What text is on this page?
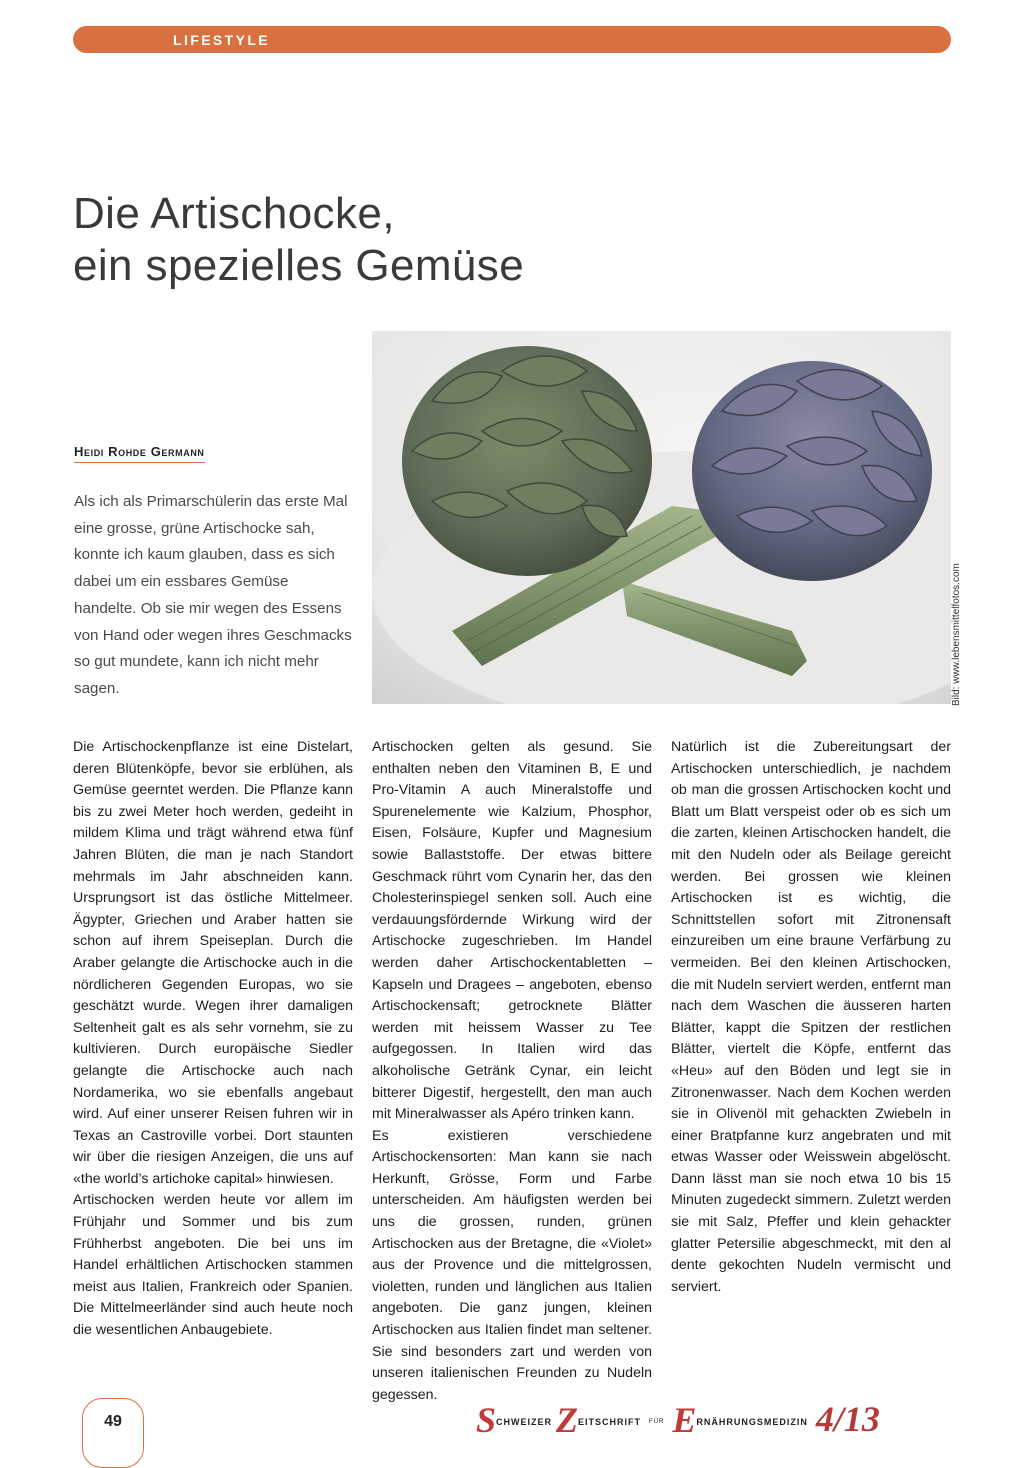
LIFESTYLE
Die Artischocke,
ein spezielles Gemüse
Bild: www.lebensmittelfotos.com
Heidi Rohde Germann
Als ich als Primarschülerin das erste Mal eine grosse, grüne Artischocke sah, konnte ich kaum glauben, dass es sich dabei um ein essbares Gemüse handelte. Ob sie mir wegen des Essens von Hand oder wegen ihres Geschmacks so gut mundete, kann ich nicht mehr sagen.

Die Artischockenpflanze ist eine Distelart, deren Blütenköpfe, bevor sie erblühen, als Gemüse geerntet werden. Die Pflanze kann bis zu zwei Meter hoch werden, gedeiht in mildem Klima und trägt während etwa fünf Jahren Blüten, die man je nach Standort mehrmals im Jahr abschneiden kann. Ursprungsort ist das östliche Mittelmeer. Ägypter, Griechen und Araber hatten sie schon auf ihrem Speiseplan. Durch die Araber gelangte die Artischocke auch in die nördlicheren Gegenden Europas, wo sie geschätzt wurde. Wegen ihrer damaligen Seltenheit galt es als sehr vornehm, sie zu kultivieren. Durch europäische Siedler gelangte die Artischocke auch nach Nordamerika, wo sie ebenfalls angebaut wird. Auf einer unserer Reisen fuhren wir in Texas an Castroville vorbei. Dort staunten wir über die riesigen Anzeigen, die uns auf «the world’s artichoke capital» hinwiesen.

Artischocken werden heute vor allem im Frühjahr und Sommer und bis zum Frühherbst angeboten. Die bei uns im Handel erhältlichen Artischocken stammen meist aus Italien, Frankreich oder Spanien. Die Mittelmeerländer sind auch heute noch die wesentlichen Anbaugebiete.

Artischocken gelten als gesund. Sie enthalten neben den Vitaminen B, E und Pro-Vitamin A auch Mineralstoffe und Spurenelemente wie Kalzium, Phosphor, Eisen, Folsäure, Kupfer und Magnesium sowie Ballaststoffe. Der etwas bittere Geschmack rührt vom Cynarin her, das den Cholesterinspiegel senken soll. Auch eine verdauungsfördernde Wirkung wird der Artischocke zugeschrieben. Im Handel werden daher Artischockentabletten – Kapseln und Dragees – angeboten, ebenso Artischockensaft; getrocknete Blätter werden mit heissem Wasser zu Tee aufgegossen. In Italien wird das alkoholische Getränk Cynar, ein leicht bitterer Digestif, hergestellt, den man auch mit Mineralwasser als Apéro trinken kann.

Es existieren verschiedene Artischockensorten: Man kann sie nach Herkunft, Grösse, Form und Farbe unterscheiden. Am häufigsten werden bei uns die grossen, runden, grünen Artischocken aus der Bretagne, die «Violet» aus der Provence und die mittelgrossen, violetten, runden und länglichen aus Italien angeboten. Die ganz jungen, kleinen Artischocken aus Italien findet man seltener. Sie sind besonders zart und werden von unseren italienischen Freunden zu Nudeln gegessen.

Natürlich ist die Zubereitungsart der Artischocken unterschiedlich, je nachdem ob man die grossen Artischocken kocht und Blatt um Blatt verspeist oder ob es sich um die zarten, kleinen Artischocken handelt, die mit den Nudeln oder als Beilage gereicht werden. Bei grossen wie kleinen Artischocken ist es wichtig, die Schnittstellen sofort mit Zitronensaft einzureiben um eine braune Verfärbung zu vermeiden. Bei den kleinen Artischocken, die mit Nudeln serviert werden, entfernt man nach dem Waschen die äusseren harten Blätter, kappt die Spitzen der restlichen Blätter, viertelt die Köpfe, entfernt das «Heu» auf den Böden und legt sie in Zitronenwasser. Nach dem Kochen werden sie in Olivenöl mit gehackten Zwiebeln in einer Bratpfanne kurz angebraten und mit etwas Wasser oder Weisswein abgelöscht. Dann lässt man sie noch etwa 10 bis 15 Minuten zugedeckt simmern. Zuletzt werden sie mit Salz, Pfeffer und klein gehackter glatter Petersilie abgeschmeckt, mit den al dente gekochten Nudeln vermischt und serviert.

49	$S^{CHWEIZER}$ $Z^{EITSCHRIFT}$ $^{FÜR}$ $E^{RNÄHRUNGSMEDIZIN}$ 4/13
